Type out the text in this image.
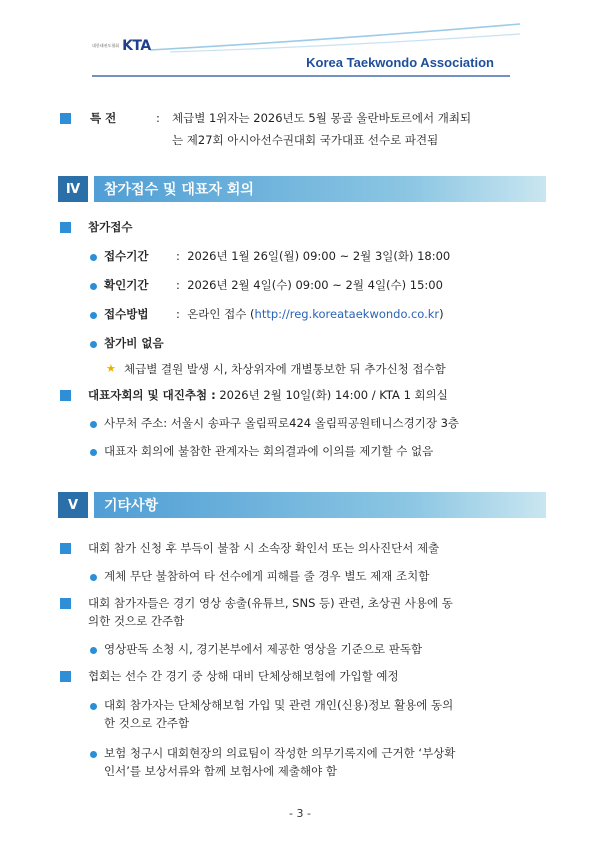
대한태권도협회 KTA
Korea Taekwondo Association
특 전	: 체급별 1위자는 2026년도 5월 몽골 울란바토르에서 개최되
는 제27회 아시아선수권대회 국가대표 선수로 파견됨
Ⅳ	참가접수 및 대표자 회의
참가접수
접수기간 : 2026년 1월 26일(월) 09:00 ~ 2월 3일(화) 18:00
확인기간 : 2026년 2월 4일(수) 09:00 ~ 2월 4일(수) 15:00
접수방법 : 온라인 접수 (http://reg.koreataekwondo.co.kr)
참가비 없음
★ 체급별 결원 발생 시, 차상위자에 개별통보한 뒤 추가신청 접수함
대표자회의 및 대진추첨 : 2026년 2월 10일(화) 14:00 / KTA 1 회의실
사무처 주소: 서울시 송파구 올림픽로424 올림픽공원테니스경기장 3층
대표자 회의에 불참한 관계자는 회의결과에 이의를 제기할 수 없음
Ⅴ	기타사항
대회 참가 신청 후 부득이 불참 시 소속장 확인서 또는 의사진단서 제출
계체 무단 불참하여 타 선수에게 피해를 줄 경우 별도 제재 조치함
대회 참가자들은 경기 영상 송출(유튜브, SNS 등) 관련, 초상권 사용에 동
의한 것으로 간주함
영상판독 소청 시, 경기본부에서 제공한 영상을 기준으로 판독함
협회는 선수 간 경기 중 상해 대비 단체상해보험에 가입할 예정
대회 참가자는 단체상해보험 가입 및 관련 개인(신용)정보 활용에 동의
한 것으로 간주함
보험 청구시 대회현장의 의료팀이 작성한 의무기록지에 근거한 ‘부상확
인서’를 보상서류와 함께 보험사에 제출해야 함
- 3 -
